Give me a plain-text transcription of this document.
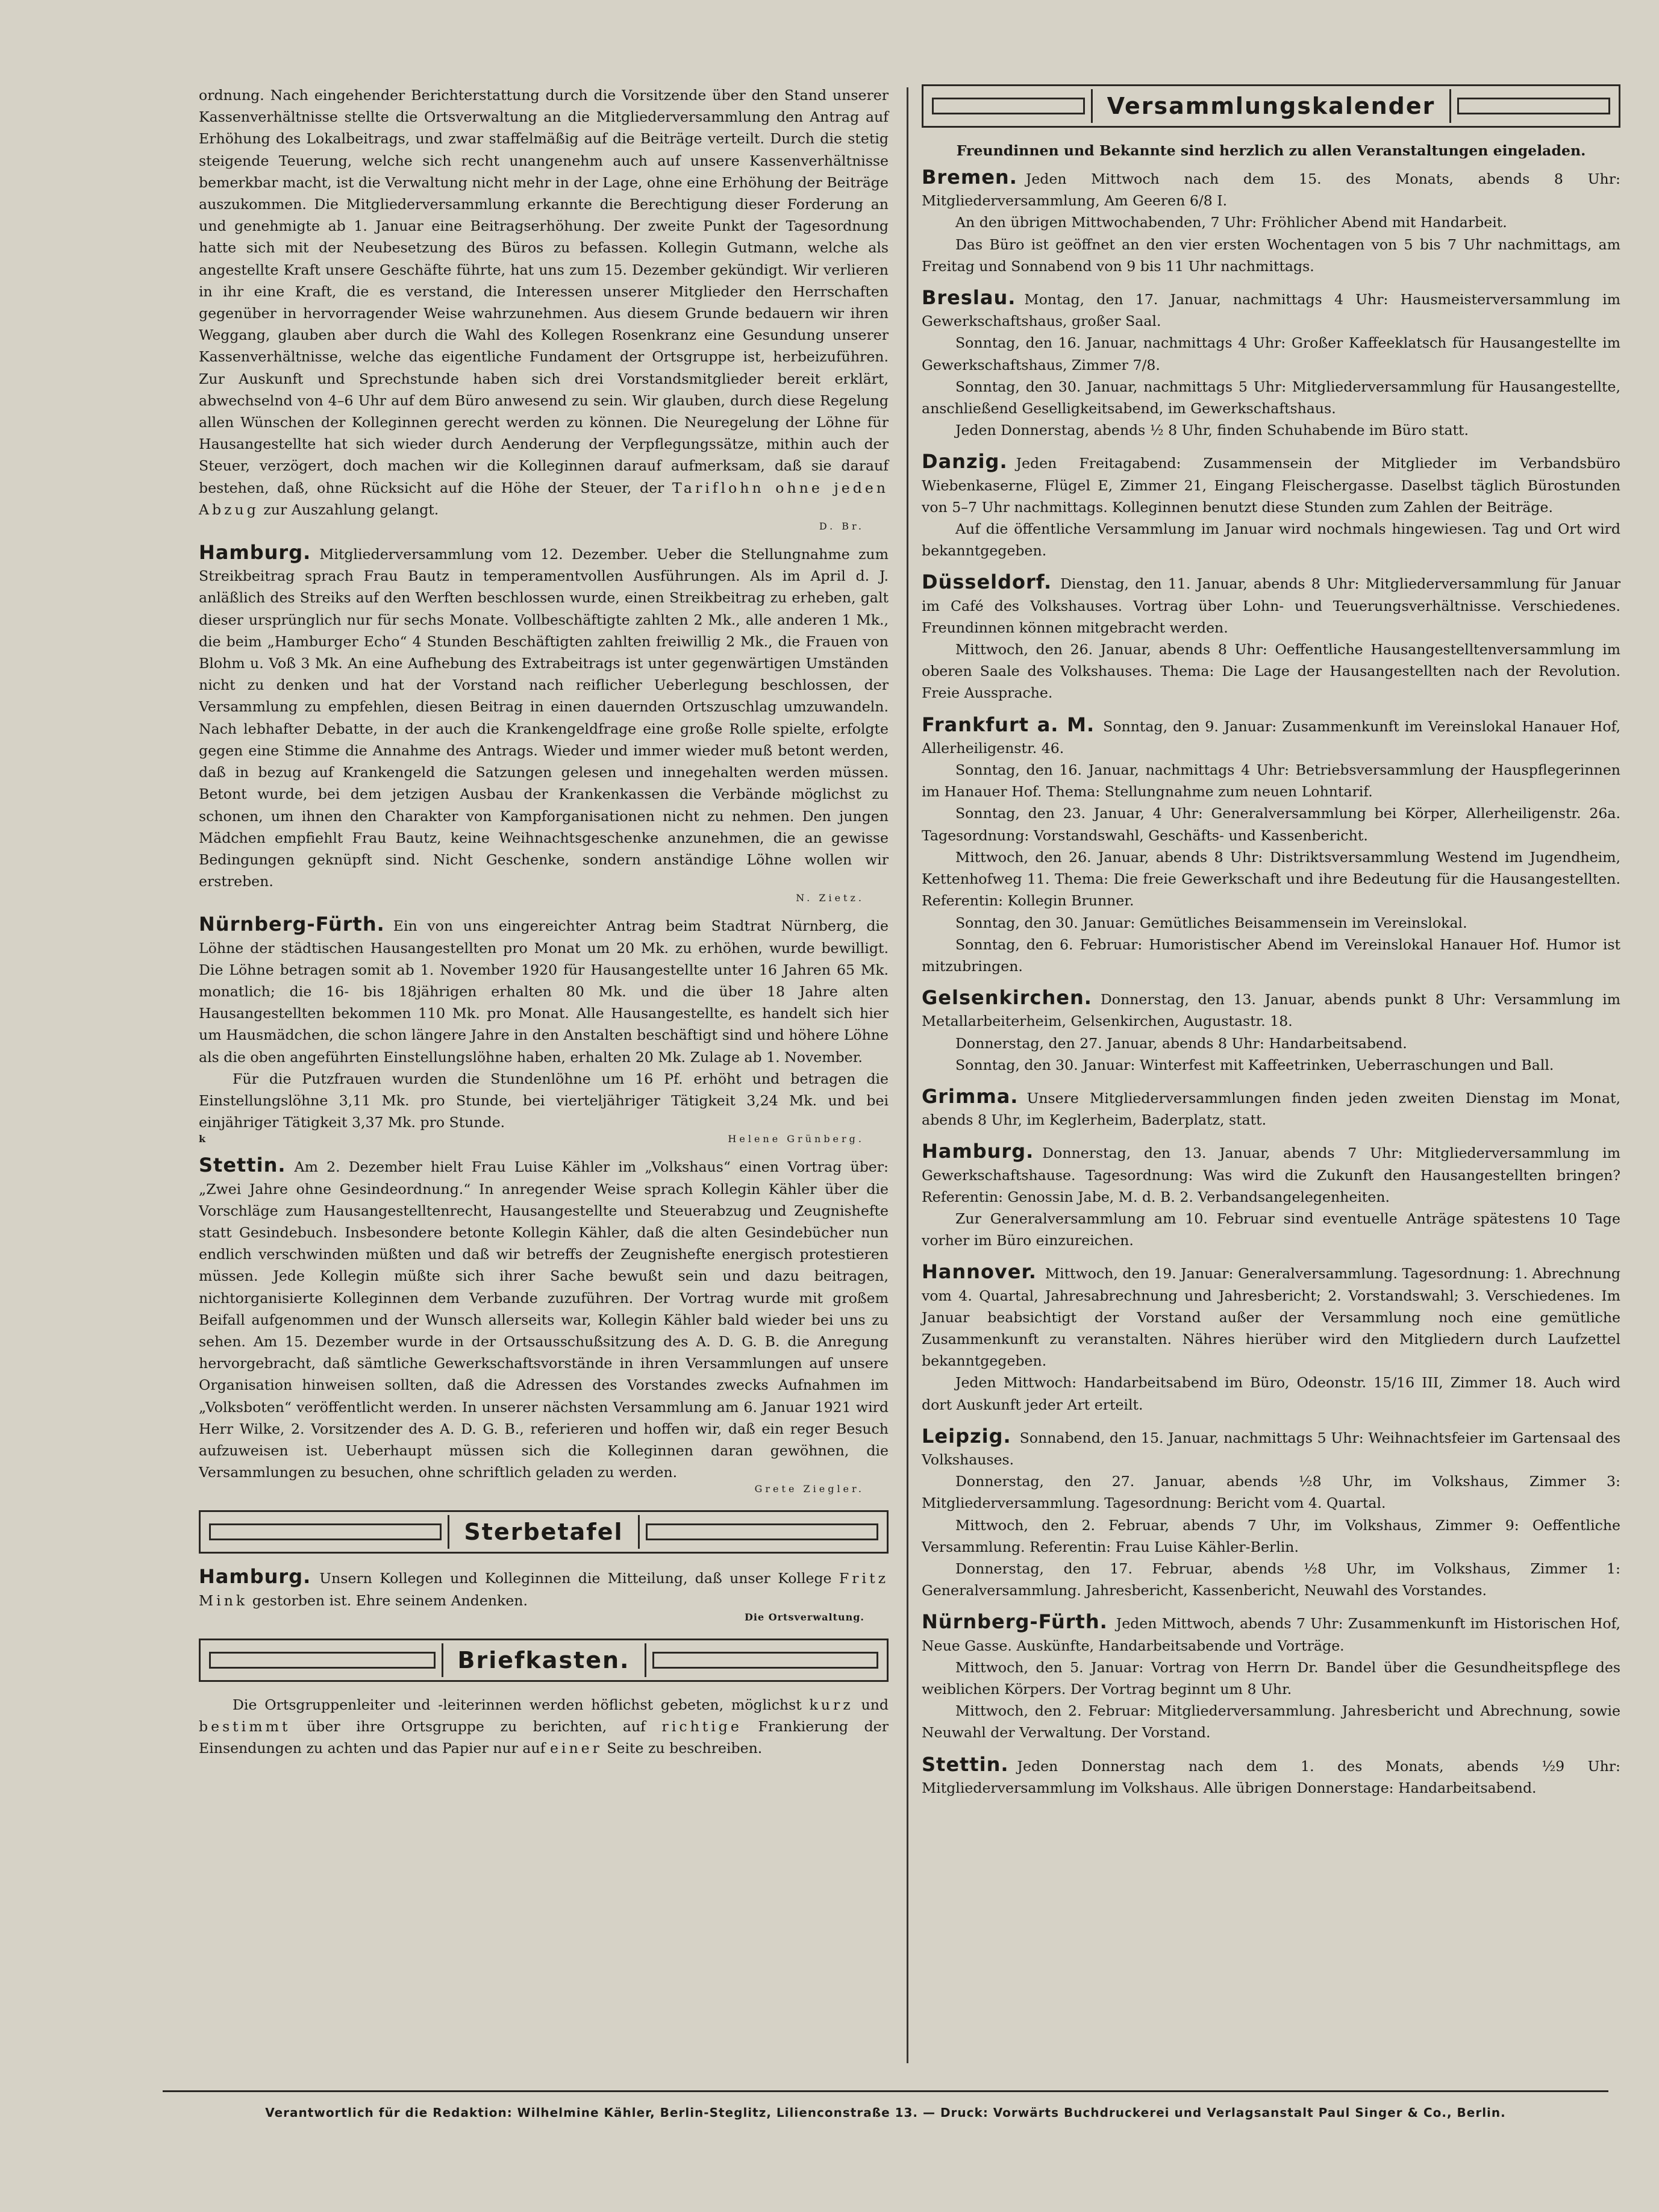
ordnung. Nach eingehender Berichterstattung durch die Vorsitzende über den Stand unserer Kassenverhältnisse stellte die Ortsverwaltung an die Mitgliederversammlung den Antrag auf Erhöhung des Lokalbeitrags, und zwar staffelmäßig auf die Beiträge verteilt. Durch die stetig steigende Teuerung, welche sich recht unangenehm auch auf unsere Kassenverhältnisse bemerkbar macht, ist die Verwaltung nicht mehr in der Lage, ohne eine Erhöhung der Beiträge auszukommen. Die Mitgliederversammlung erkannte die Berechtigung dieser Forderung an und genehmigte ab 1. Januar eine Beitragserhöhung. Der zweite Punkt der Tagesordnung hatte sich mit der Neubesetzung des Büros zu befassen. Kollegin Gutmann, welche als angestellte Kraft unsere Geschäfte führte, hat uns zum 15. Dezember gekündigt. Wir verlieren in ihr eine Kraft, die es verstand, die Interessen unserer Mitglieder den Herrschaften gegenüber in hervorragender Weise wahrzunehmen. Aus diesem Grunde bedauern wir ihren Weggang, glauben aber durch die Wahl des Kollegen Rosenkranz eine Gesundung unserer Kassenverhältnisse, welche das eigentliche Fundament der Ortsgruppe ist, herbeizuführen. Zur Auskunft und Sprechstunde haben sich drei Vorstandsmitglieder bereit erklärt, abwechselnd von 4–6 Uhr auf dem Büro anwesend zu sein. Wir glauben, durch diese Regelung allen Wünschen der Kolleginnen gerecht werden zu können. Die Neuregelung der Löhne für Hausangestellte hat sich wieder durch Aenderung der Verpflegungssätze, mithin auch der Steuer, verzögert, doch machen wir die Kolleginnen darauf aufmerksam, daß sie darauf bestehen, daß, ohne Rücksicht auf die Höhe der Steuer, der Tariflohn ohne jeden Abzug zur Auszahlung gelangt.

D. Br.

Hamburg. Mitgliederversammlung vom 12. Dezember. Ueber die Stellungnahme zum Streikbeitrag sprach Frau Bautz in temperamentvollen Ausführungen. Als im April d. J. anläßlich des Streiks auf den Werften beschlossen wurde, einen Streikbeitrag zu erheben, galt dieser ursprünglich nur für sechs Monate. Vollbeschäftigte zahlten 2 Mk., alle anderen 1 Mk., die beim „Hamburger Echo“ 4 Stunden Beschäftigten zahlten freiwillig 2 Mk., die Frauen von Blohm u. Voß 3 Mk. An eine Aufhebung des Extrabeitrags ist unter gegenwärtigen Umständen nicht zu denken und hat der Vorstand nach reiflicher Ueberlegung beschlossen, der Versammlung zu empfehlen, diesen Beitrag in einen dauernden Ortszuschlag umzuwandeln. Nach lebhafter Debatte, in der auch die Krankengeldfrage eine große Rolle spielte, erfolgte gegen eine Stimme die Annahme des Antrags. Wieder und immer wieder muß betont werden, daß in bezug auf Krankengeld die Satzungen gelesen und innegehalten werden müssen. Betont wurde, bei dem jetzigen Ausbau der Krankenkassen die Verbände möglichst zu schonen, um ihnen den Charakter von Kampforganisationen nicht zu nehmen. Den jungen Mädchen empfiehlt Frau Bautz, keine Weihnachtsgeschenke anzunehmen, die an gewisse Bedingungen geknüpft sind. Nicht Geschenke, sondern anständige Löhne wollen wir erstreben.

N. Zietz.

Nürnberg-Fürth. Ein von uns eingereichter Antrag beim Stadtrat Nürnberg, die Löhne der städtischen Hausangestellten pro Monat um 20 Mk. zu erhöhen, wurde bewilligt. Die Löhne betragen somit ab 1. November 1920 für Hausangestellte unter 16 Jahren 65 Mk. monatlich; die 16- bis 18jährigen erhalten 80 Mk. und die über 18 Jahre alten Hausangestellten bekommen 110 Mk. pro Monat. Alle Hausangestellte, es handelt sich hier um Hausmädchen, die schon längere Jahre in den Anstalten beschäftigt sind und höhere Löhne als die oben angeführten Einstellungslöhne haben, erhalten 20 Mk. Zulage ab 1. November.

Für die Putzfrauen wurden die Stundenlöhne um 16 Pf. erhöht und betragen die Einstellungslöhne 3,11 Mk. pro Stunde, bei vierteljähriger Tätigkeit 3,24 Mk. und bei einjähriger Tätigkeit 3,37 Mk. pro Stunde.

k	Helene Grünberg.

Stettin. Am 2. Dezember hielt Frau Luise Kähler im „Volkshaus“ einen Vortrag über: „Zwei Jahre ohne Gesindeordnung.“ In anregender Weise sprach Kollegin Kähler über die Vorschläge zum Hausangestelltenrecht, Hausangestellte und Steuerabzug und Zeugnishefte statt Gesindebuch. Insbesondere betonte Kollegin Kähler, daß die alten Gesindebücher nun endlich verschwinden müßten und daß wir betreffs der Zeugnishefte energisch protestieren müssen. Jede Kollegin müßte sich ihrer Sache bewußt sein und dazu beitragen, nichtorganisierte Kolleginnen dem Verbande zuzuführen. Der Vortrag wurde mit großem Beifall aufgenommen und der Wunsch allerseits war, Kollegin Kähler bald wieder bei uns zu sehen. Am 15. Dezember wurde in der Ortsausschußsitzung des A. D. G. B. die Anregung hervorgebracht, daß sämtliche Gewerkschaftsvorstände in ihren Versammlungen auf unsere Organisation hinweisen sollten, daß die Adressen des Vorstandes zwecks Aufnahmen im „Volksboten“ veröffentlicht werden. In unserer nächsten Versammlung am 6. Januar 1921 wird Herr Wilke, 2. Vorsitzender des A. D. G. B., referieren und hoffen wir, daß ein reger Besuch aufzuweisen ist. Ueberhaupt müssen sich die Kolleginnen daran gewöhnen, die Versammlungen zu besuchen, ohne schriftlich geladen zu werden.

Grete Ziegler.
Sterbetafel

Hamburg. Unsern Kollegen und Kolleginnen die Mitteilung, daß unser Kollege Fritz Mink gestorben ist. Ehre seinem Andenken.

Die Ortsverwaltung.
Briefkasten.

Die Ortsgruppenleiter und -leiterinnen werden höflichst gebeten, möglichst kurz und bestimmt über ihre Ortsgruppe zu berichten, auf richtige Frankierung der Einsendungen zu achten und das Papier nur auf einer Seite zu beschreiben.

Versammlungskalender
Freundinnen und Bekannte sind herzlich zu allen Veranstaltungen eingeladen.

Bremen. Jeden Mittwoch nach dem 15. des Monats, abends 8 Uhr: Mitgliederversammlung, Am Geeren 6/8 I.

An den übrigen Mittwochabenden, 7 Uhr: Fröhlicher Abend mit Handarbeit.

Das Büro ist geöffnet an den vier ersten Wochentagen von 5 bis 7 Uhr nachmittags, am Freitag und Sonnabend von 9 bis 11 Uhr nachmittags.

Breslau. Montag, den 17. Januar, nachmittags 4 Uhr: Hausmeisterversammlung im Gewerkschaftshaus, großer Saal.

Sonntag, den 16. Januar, nachmittags 4 Uhr: Großer Kaffeeklatsch für Hausangestellte im Gewerkschaftshaus, Zimmer 7/8.

Sonntag, den 30. Januar, nachmittags 5 Uhr: Mitgliederversammlung für Hausangestellte, anschließend Geselligkeitsabend, im Gewerkschaftshaus.

Jeden Donnerstag, abends ½ 8 Uhr, finden Schuhabende im Büro statt.

Danzig. Jeden Freitagabend: Zusammensein der Mitglieder im Verbandsbüro Wiebenkaserne, Flügel E, Zimmer 21, Eingang Fleischergasse. Daselbst täglich Bürostunden von 5–7 Uhr nachmittags. Kolleginnen benutzt diese Stunden zum Zahlen der Beiträge.

Auf die öffentliche Versammlung im Januar wird nochmals hingewiesen. Tag und Ort wird bekanntgegeben.

Düsseldorf. Dienstag, den 11. Januar, abends 8 Uhr: Mitgliederversammlung für Januar im Café des Volkshauses. Vortrag über Lohn- und Teuerungsverhältnisse. Verschiedenes. Freundinnen können mitgebracht werden.

Mittwoch, den 26. Januar, abends 8 Uhr: Oeffentliche Hausangestelltenversammlung im oberen Saale des Volkshauses. Thema: Die Lage der Hausangestellten nach der Revolution. Freie Aussprache.

Frankfurt a. M. Sonntag, den 9. Januar: Zusammenkunft im Vereinslokal Hanauer Hof, Allerheiligenstr. 46.

Sonntag, den 16. Januar, nachmittags 4 Uhr: Betriebsversammlung der Hauspflegerinnen im Hanauer Hof. Thema: Stellungnahme zum neuen Lohntarif.

Sonntag, den 23. Januar, 4 Uhr: Generalversammlung bei Körper, Allerheiligenstr. 26a. Tagesordnung: Vorstandswahl, Geschäfts- und Kassenbericht.

Mittwoch, den 26. Januar, abends 8 Uhr: Distriktsversammlung Westend im Jugendheim, Kettenhofweg 11. Thema: Die freie Gewerkschaft und ihre Bedeutung für die Hausangestellten. Referentin: Kollegin Brunner.

Sonntag, den 30. Januar: Gemütliches Beisammensein im Vereinslokal.

Sonntag, den 6. Februar: Humoristischer Abend im Vereinslokal Hanauer Hof. Humor ist mitzubringen.

Gelsenkirchen. Donnerstag, den 13. Januar, abends punkt 8 Uhr: Versammlung im Metallarbeiterheim, Gelsenkirchen, Augustastr. 18.

Donnerstag, den 27. Januar, abends 8 Uhr: Handarbeitsabend.

Sonntag, den 30. Januar: Winterfest mit Kaffeetrinken, Ueberraschungen und Ball.

Grimma. Unsere Mitgliederversammlungen finden jeden zweiten Dienstag im Monat, abends 8 Uhr, im Keglerheim, Baderplatz, statt.

Hamburg. Donnerstag, den 13. Januar, abends 7 Uhr: Mitgliederversammlung im Gewerkschaftshause. Tagesordnung: Was wird die Zukunft den Hausangestellten bringen? Referentin: Genossin Jabe, M. d. B. 2. Verbandsangelegenheiten.

Zur Generalversammlung am 10. Februar sind eventuelle Anträge spätestens 10 Tage vorher im Büro einzureichen.

Hannover. Mittwoch, den 19. Januar: Generalversammlung. Tagesordnung: 1. Abrechnung vom 4. Quartal, Jahresabrechnung und Jahresbericht; 2. Vorstandswahl; 3. Verschiedenes. Im Januar beabsichtigt der Vorstand außer der Versammlung noch eine gemütliche Zusammenkunft zu veranstalten. Nähres hierüber wird den Mitgliedern durch Laufzettel bekanntgegeben.

Jeden Mittwoch: Handarbeitsabend im Büro, Odeonstr. 15/16 III, Zimmer 18. Auch wird dort Auskunft jeder Art erteilt.

Leipzig. Sonnabend, den 15. Januar, nachmittags 5 Uhr: Weihnachtsfeier im Gartensaal des Volkshauses.

Donnerstag, den 27. Januar, abends ½8 Uhr, im Volkshaus, Zimmer 3: Mitgliederversammlung. Tagesordnung: Bericht vom 4. Quartal.

Mittwoch, den 2. Februar, abends 7 Uhr, im Volkshaus, Zimmer 9: Oeffentliche Versammlung. Referentin: Frau Luise Kähler-Berlin.

Donnerstag, den 17. Februar, abends ½8 Uhr, im Volkshaus, Zimmer 1: Generalversammlung. Jahresbericht, Kassenbericht, Neuwahl des Vorstandes.

Nürnberg-Fürth. Jeden Mittwoch, abends 7 Uhr: Zusammenkunft im Historischen Hof, Neue Gasse. Auskünfte, Handarbeitsabende und Vorträge.

Mittwoch, den 5. Januar: Vortrag von Herrn Dr. Bandel über die Gesundheitspflege des weiblichen Körpers. Der Vortrag beginnt um 8 Uhr.

Mittwoch, den 2. Februar: Mitgliederversammlung. Jahresbericht und Abrechnung, sowie Neuwahl der Verwaltung. Der Vorstand.

Stettin. Jeden Donnerstag nach dem 1. des Monats, abends ½9 Uhr: Mitgliederversammlung im Volkshaus. Alle übrigen Donnerstage: Handarbeitsabend.

Verantwortlich für die Redaktion: Wilhelmine Kähler, Berlin-Steglitz, Lilienconstraße 13. — Druck: Vorwärts Buchdruckerei und Verlagsanstalt Paul Singer & Co., Berlin.
